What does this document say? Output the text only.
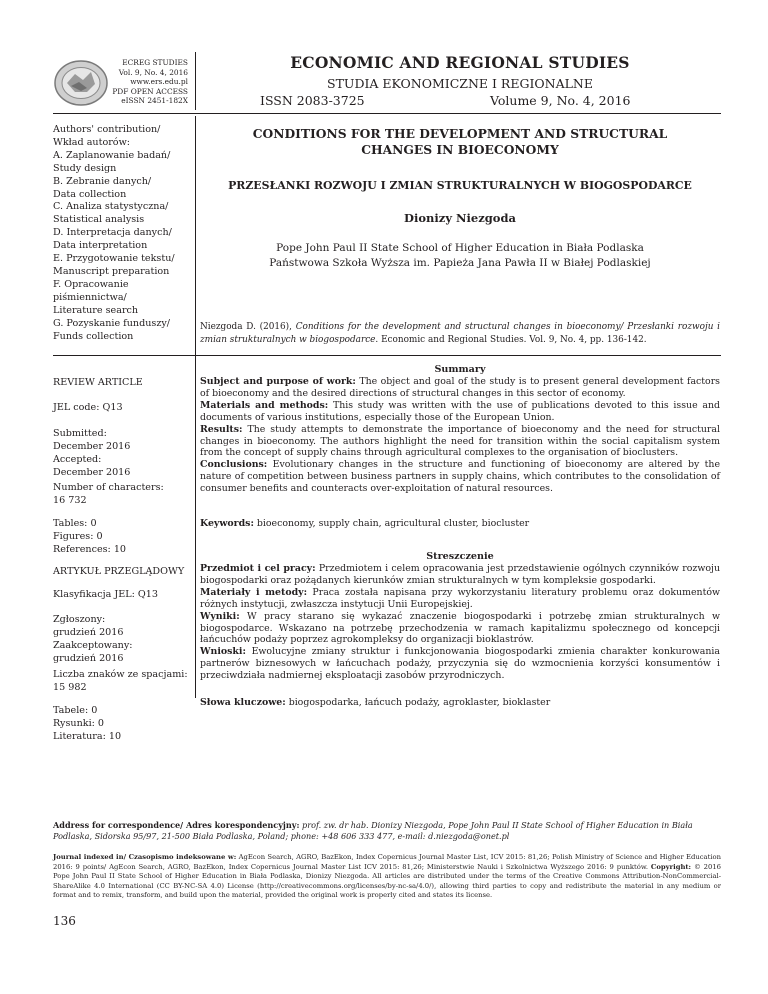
ECREG STUDIES
Vol. 9, No. 4, 2016
www.ers.edu.pl
PDF OPEN ACCESS
eISSN 2451-182X
ECONOMIC AND REGIONAL STUDIES
STUDIA EKONOMICZNE I REGIONALNE
ISSN 2083-3725	Volume 9, No. 4, 2016
Authors' contribution/
Wkład autorów:
A. Zaplanowanie badań/
Study design
B. Zebranie danych/
Data collection
C. Analiza statystyczna/
Statistical analysis
D. Interpretacja danych/
Data interpretation
E. Przygotowanie tekstu/
Manuscript preparation
F. Opracowanie
piśmiennictwa/
Literature search
G. Pozyskanie funduszy/
Funds collection
REVIEW ARTICLE
JEL code: Q13
Submitted:
December 2016
Accepted:
December 2016
Number of characters:
16 732
Tables: 0
Figures: 0
References: 10
ARTYKUŁ PRZEGLĄDOWY
Klasyfikacja JEL: Q13
Zgłoszony:
grudzień 2016
Zaakceptowany:
grudzień 2016
Liczba znaków ze spacjami:
15 982
Tabele: 0
Rysunki: 0
Literatura: 10
CONDITIONS FOR THE DEVELOPMENT AND STRUCTURAL
CHANGES IN BIOECONOMY
PRZESŁANKI ROZWOJU I ZMIAN STRUKTURALNYCH W BIOGOSPODARCE
Dionizy Niezgoda
Pope John Paul II State School of Higher Education in Biała Podlaska
Państwowa Szkoła Wyższa im. Papieża Jana Pawła II w Białej Podlaskiej
Niezgoda D. (2016), Conditions for the development and structural changes in bioeconomy/ Przesłanki rozwoju i zmian strukturalnych w biogospodarce. Economic and Regional Studies. Vol. 9, No. 4, pp. 136-142.
Summary

Subject and purpose of work: The object and goal of the study is to present general development factors of bioeconomy and the desired directions of structural changes in this sector of economy.

Materials and methods: This study was written with the use of publications devoted to this issue and documents of various institutions, especially those of the European Union.

Results: The study attempts to demonstrate the importance of bioeconomy and the need for structural changes in bioeconomy. The authors highlight the need for transition within the social capitalism system from the concept of supply chains through agricultural complexes to the organisation of bioclusters.

Conclusions: Evolutionary changes in the structure and functioning of bioeconomy are altered by the nature of competition between business partners in supply chains, which contributes to the consolidation of consumer benefits and counteracts over-exploitation of natural resources.

Keywords: bioeconomy, supply chain, agricultural cluster, biocluster
Streszczenie

Przedmiot i cel pracy: Przedmiotem i celem opracowania jest przedstawienie ogólnych czynników rozwoju biogospodarki oraz pożądanych kierunków zmian strukturalnych w tym kompleksie gospodarki.

Materiały i metody: Praca została napisana przy wykorzystaniu literatury problemu oraz dokumentów różnych instytucji, zwłaszcza instytucji Unii Europejskiej.

Wyniki: W pracy starano się wykazać znaczenie biogospodarki i potrzebę zmian strukturalnych w biogospodarce. Wskazano na potrzebę przechodzenia w ramach kapitalizmu społecznego od koncepcji łańcuchów podaży poprzez agrokompleksy do organizacji bioklastrów.

Wnioski: Ewolucyjne zmiany struktur i funkcjonowania biogospodarki zmienia charakter konkurowania partnerów biznesowych w łańcuchach podaży, przyczynia się do wzmocnienia korzyści konsumentów i przeciwdziała nadmiernej eksploatacji zasobów przyrodniczych.

Słowa kluczowe: biogospodarka, łańcuch podaży, agroklaster, bioklaster
Address for correspondence/ Adres korespondencyjny: prof. zw. dr hab. Dionizy Niezgoda, Pope John Paul II State School of Higher Education in Biała Podlaska, Sidorska 95/97, 21-500 Biała Podlaska, Poland; phone: +48 606 333 477, e-mail: d.niezgoda@onet.pl
Journal indexed in/ Czasopismo indeksowane w: AgEcon Search, AGRO, BazEkon, Index Copernicus Journal Master List, ICV 2015: 81,26; Polish Ministry of Science and Higher Education 2016: 9 points/ AgEcon Search, AGRO, BazEkon, Index Copernicus Journal Master List ICV 2015: 81,26; Ministerstwie Nauki i Szkolnictwa Wyższego 2016: 9 punktów. Copyright: © 2016 Pope John Paul II State School of Higher Education in Biała Podlaska, Dionizy Niezgoda. All articles are distributed under the terms of the Creative Commons Attribution-NonCommercial-ShareAlike 4.0 International (CC BY-NC-SA 4.0) License (http://creativecommons.org/licenses/by-nc-sa/4.0/), allowing third parties to copy and redistribute the material in any medium or format and to remix, transform, and build upon the material, provided the original work is properly cited and states its license.
136
